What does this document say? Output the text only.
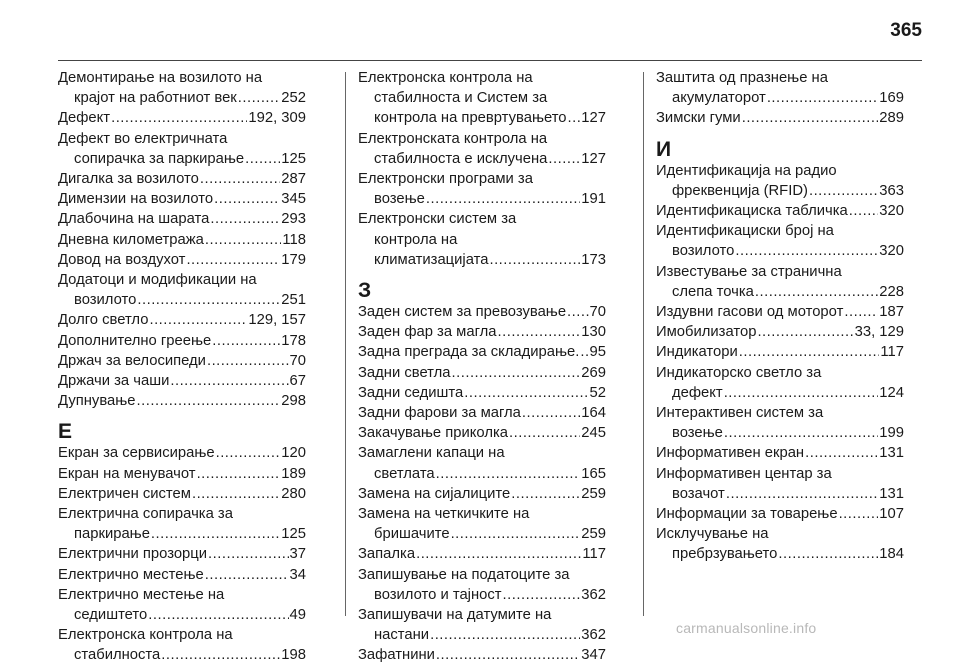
365
Демонтирање на возилото на
крајот на работниот век .....	252
Дефект .....	192, 309
Дефект во електричната
сопирачка за паркирање .....	125
Дигалка за возилото .....	287
Димензии на возилото .....	345
Длабочина на шарата .....	293
Дневна километража .....	118
Довод на воздухот .....	179
Додатоци и модификации на
возилото .....	251
Долго светло .....	129, 157
Дополнително греење .....	178
Држач за велосипеди .....	70
Држачи за чаши .....	67
Дупнување .....	298
Е
Екран за сервисирање .....	120
Екран на менувачот .....	189
Електричен систем .....	280
Електрична сопирачка за
паркирање .....	125
Електрични прозорци .....	37
Електрично местење .....	34
Електрично местење на
седиштето .....	49
Електронска контрола на
стабилноста .....	198
Електронска контрола на
стабилноста и Систем за
контрола на превртувањето ..... 127
Електронската контрола на
стабилноста е исклучена ..... 127
Електронски програми за
возење .....	191
Електронски систем за
контрола на
климатизацијата .....	173
З
Заден систем за превозување ..... 70
Заден фар за магла .....	130
Задна преграда за складирање. ..... 95
Задни светла .....	269
Задни седишта .....	52
Задни фарови за магла .....	164
Закачување приколка .....	245
Замаглени капаци на
светлата .....	165
Замена на сијалиците .....	259
Замена на четкичките на
бришачите .....	259
Запалка .....	117
Запишување на податоците за
возилото и тајност .....	362
Запишувачи на датумите на
настани .....	362
Зафатнини .....	347
Заштита од празнење на
акумулаторот .....	169
Зимски гуми .....	289
И
Идентификација на радио
фреквенција (RFID) .....	363
Идентификациска табличка ..... 320
Идентификациски број на
возилото .....	320
Известување за странична
слепа точка .....	228
Издувни гасови од моторот ..... 187
Имобилизатор .....	33, 129
Индикатори .....	117
Индикаторско светло за
дефект .....	124
Интерактивен систем за
возење .....	199
Информативен екран .....	131
Информативен центар за
возачот .....	131
Информации за товарење .....	107
Исклучување на
пребрзувањето .....	184
carmanualsonline.info
